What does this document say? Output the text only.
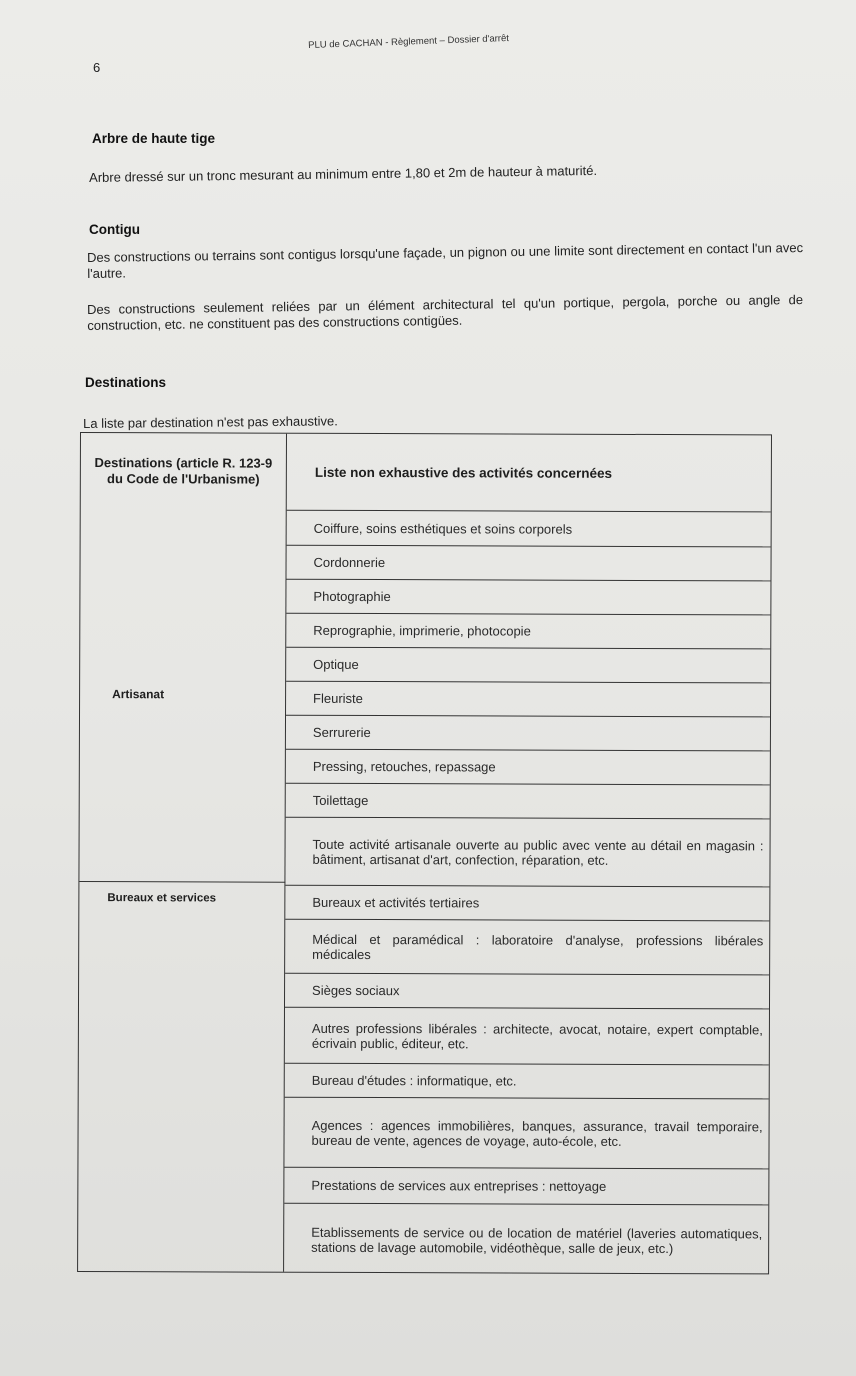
6
PLU de CACHAN - Règlement – Dossier d'arrêt
Arbre de haute tige
Arbre dressé sur un tronc mesurant au minimum entre 1,80 et 2m de hauteur à maturité.
Contigu
Des constructions ou terrains sont contigus lorsqu'une façade, un pignon ou une limite sont directement en contact l'un avec l'autre.
Des constructions seulement reliées par un élément architectural tel qu'un portique, pergola, porche ou angle de construction, etc. ne constituent pas des constructions contigües.
Destinations
La liste par destination n'est pas exhaustive.
Destinations (article R. 123-9 du Code de l'Urbanisme)	Liste non exhaustive des activités concernées
Coiffure, soins esthétiques et soins corporels
Cordonnerie
Photographie
Reprographie, imprimerie, photocopie
Optique
Fleuriste
Serrurerie
Pressing, retouches, repassage
Toilettage
Toute activité artisanale ouverte au public avec vente au détail en magasin : bâtiment, artisanat d'art, confection, réparation, etc.
Bureaux et activités tertiaires
Médical et paramédical : laboratoire d'analyse, professions libérales médicales
Sièges sociaux
Autres professions libérales : architecte, avocat, notaire, expert comptable, écrivain public, éditeur, etc.
Bureau d'études : informatique, etc.
Agences : agences immobilières, banques, assurance, travail temporaire, bureau de vente, agences de voyage, auto-école, etc.
Prestations de services aux entreprises : nettoyage
Etablissements de service ou de location de matériel (laveries automatiques, stations de lavage automobile, vidéothèque, salle de jeux, etc.)
Artisanat
Bureaux et services
